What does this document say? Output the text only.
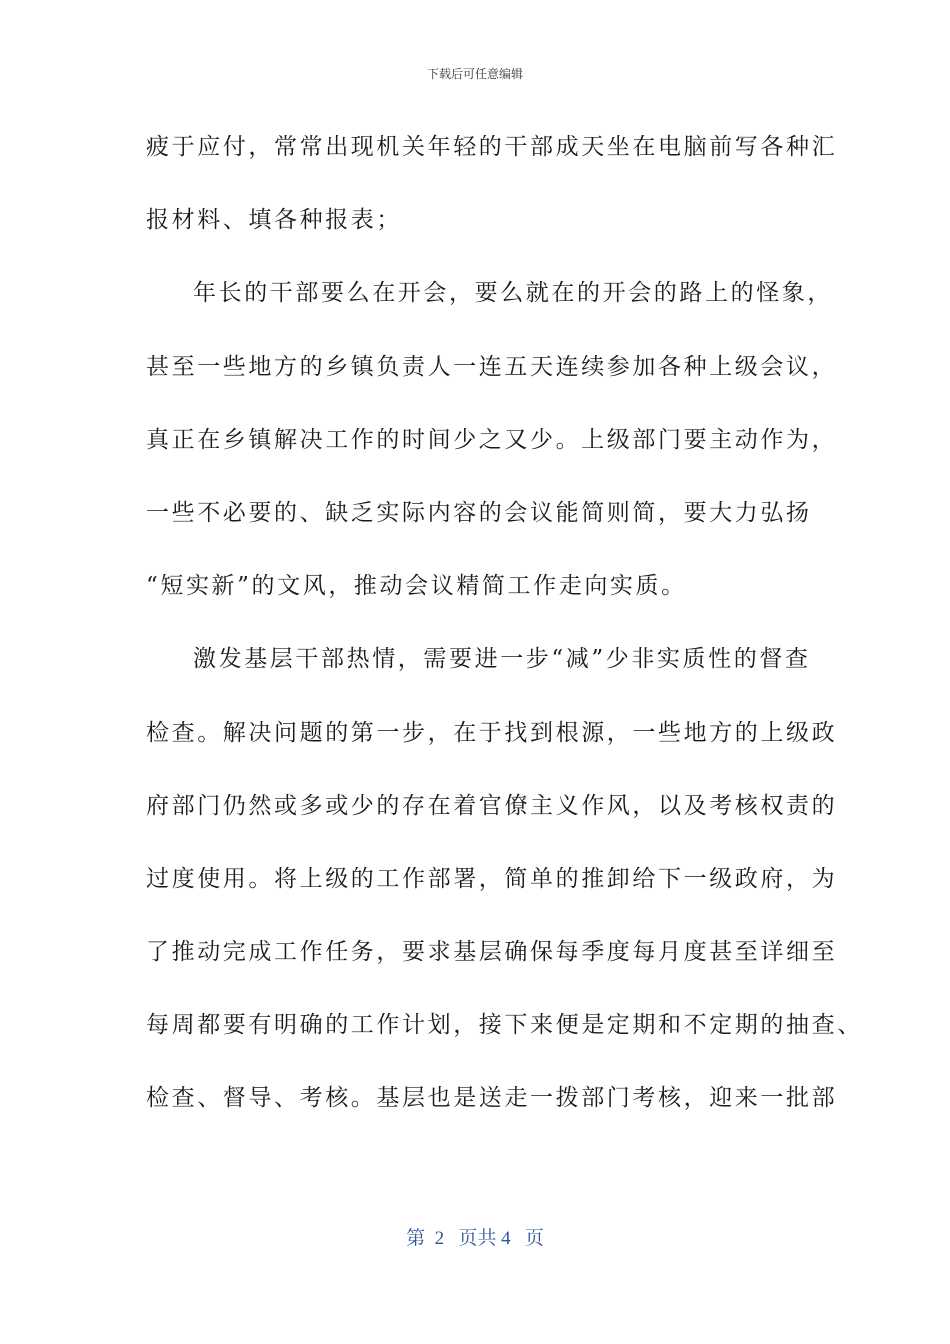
下载后可任意编辑
疲于应付，常常出现机关年轻的干部成天坐在电脑前写各种汇
报材料、填各种报表；
年长的干部要么在开会，要么就在的开会的路上的怪象，
甚至一些地方的乡镇负责人一连五天连续参加各种上级会议，
真正在乡镇解决工作的时间少之又少。上级部门要主动作为，
一些不必要的、缺乏实际内容的会议能简则简，要大力弘扬
“短实新”的文风，推动会议精简工作走向实质。
激发基层干部热情，需要进一步“减”少非实质性的督查
检查。解决问题的第一步，在于找到根源，一些地方的上级政
府部门仍然或多或少的存在着官僚主义作风，以及考核权责的
过度使用。将上级的工作部署，简单的推卸给下一级政府，为
了推动完成工作任务，要求基层确保每季度每月度甚至详细至
每周都要有明确的工作计划，接下来便是定期和不定期的抽查、
检查、督导、考核。基层也是送走一拨部门考核，迎来一批部
第  2   页共 4   页
